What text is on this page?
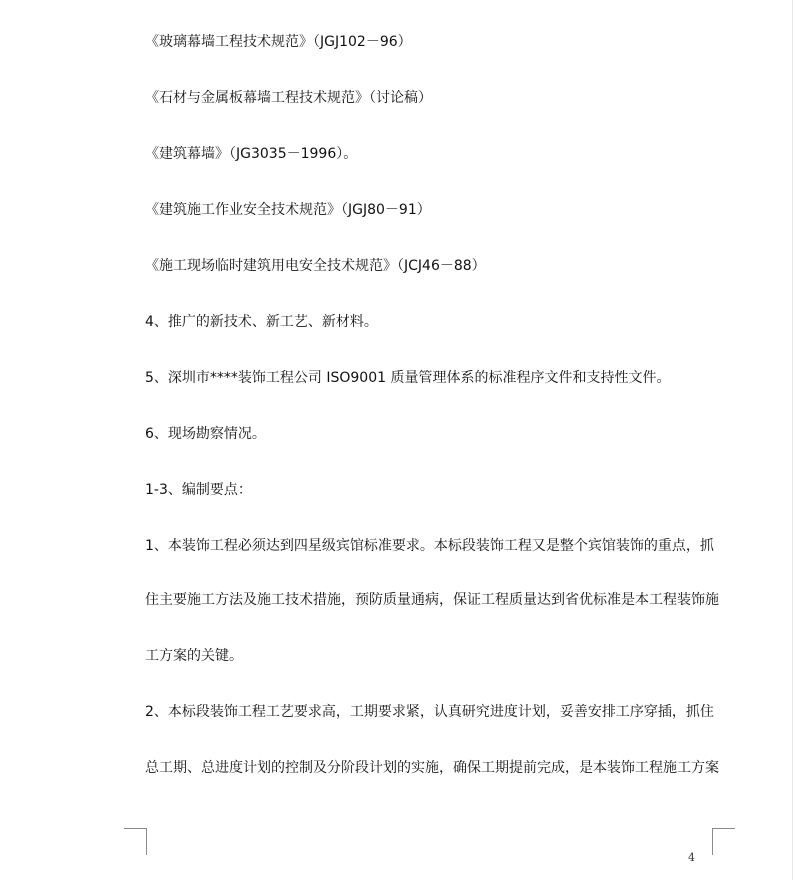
《玻璃幕墙工程技术规范》（JGJ102－96）
《石材与金属板幕墙工程技术规范》（讨论稿）
《建筑幕墙》（JG3035－1996）。
《建筑施工作业安全技术规范》（JGJ80－91）
《施工现场临时建筑用电安全技术规范》（JCJ46－88）
4、推广的新技术、新工艺、新材料。
5、深圳市****装饰工程公司 ISO9001 质量管理体系的标准程序文件和支持性文件。
6、现场勘察情况。
1-3、编制要点：
1、本装饰工程必须达到四星级宾馆标准要求。本标段装饰工程又是整个宾馆装饰的重点，抓
住主要施工方法及施工技术措施，预防质量通病，保证工程质量达到省优标准是本工程装饰施
工方案的关键。
2、本标段装饰工程工艺要求高，工期要求紧，认真研究进度计划，妥善安排工序穿插，抓住
总工期、总进度计划的控制及分阶段计划的实施，确保工期提前完成，是本装饰工程施工方案
4
